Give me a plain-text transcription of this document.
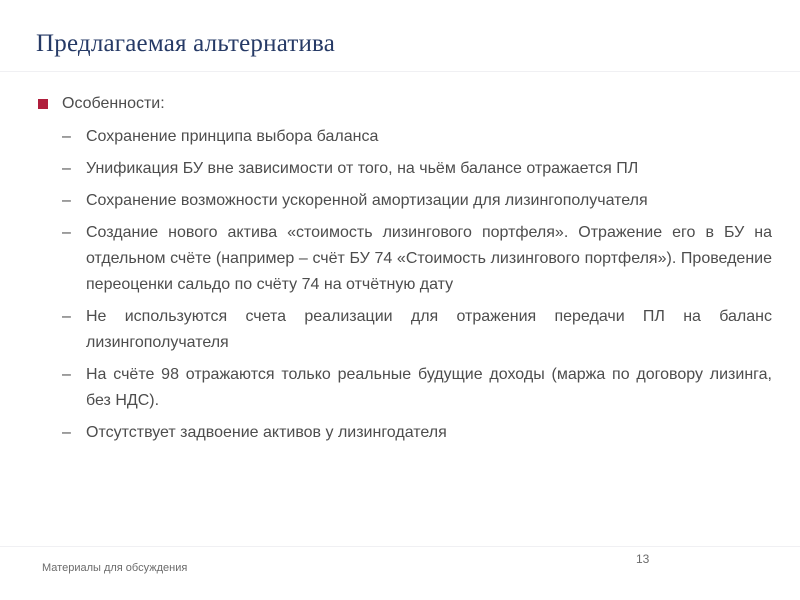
Предлагаемая альтернатива
Особенности:
– Сохранение принципа выбора баланса
– Унификация БУ вне зависимости от того, на чьём балансе отражается ПЛ
– Сохранение возможности ускоренной амортизации для лизингополучателя
– Создание нового актива «стоимость лизингового портфеля». Отражение его в БУ на отдельном счёте (например – счёт БУ 74 «Стоимость лизингового портфеля»). Проведение переоценки сальдо по счёту 74 на отчётную дату
– Не используются счета реализации для отражения передачи ПЛ на баланс лизингополучателя
– На счёте 98 отражаются только реальные будущие доходы (маржа по договору лизинга, без НДС).
– Отсутствует задвоение активов у лизингодателя
Материалы для обсуждения
13
